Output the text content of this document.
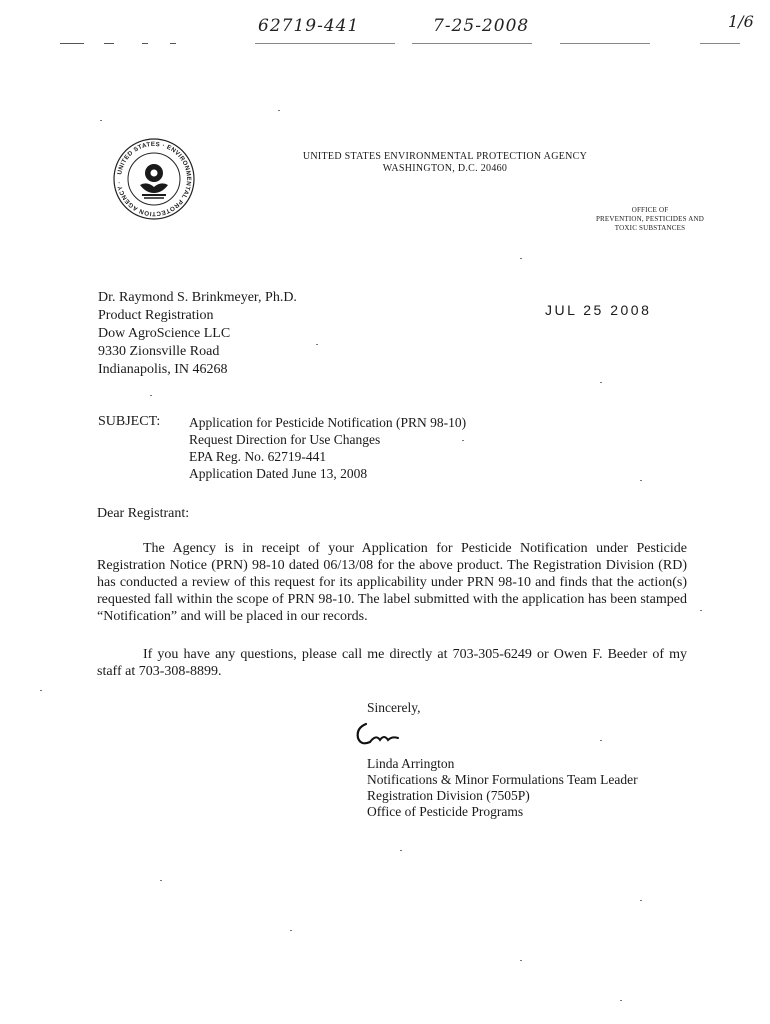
62719-441	7-25-2008	1/6
UNITED STATES · ENVIRONMENTAL PROTECTION AGENCY ·
UNITED STATES ENVIRONMENTAL PROTECTION AGENCY
WASHINGTON, D.C. 20460
OFFICE OF
PREVENTION, PESTICIDES AND
TOXIC SUBSTANCES
Dr. Raymond S. Brinkmeyer, Ph.D.
Product Registration
Dow AgroScience LLC
9330 Zionsville Road
Indianapolis, IN 46268
JUL 25 2008
SUBJECT: Application for Pesticide Notification (PRN 98-10)
Request Direction for Use Changes
EPA Reg. No. 62719-441
Application Dated June 13, 2008
Dear Registrant:

The Agency is in receipt of your Application for Pesticide Notification under Pesticide Registration Notice (PRN) 98-10 dated 06/13/08 for the above product. The Registration Division (RD) has conducted a review of this request for its applicability under PRN 98-10 and finds that the action(s) requested fall within the scope of PRN 98-10. The label submitted with the application has been stamped “Notification” and will be placed in our records.

If you have any questions, please call me directly at 703-305-6249 or Owen F. Beeder of my staff at 703-308-8899.

Sincerely,
Linda Arrington
Notifications & Minor Formulations Team Leader
Registration Division (7505P)
Office of Pesticide Programs
